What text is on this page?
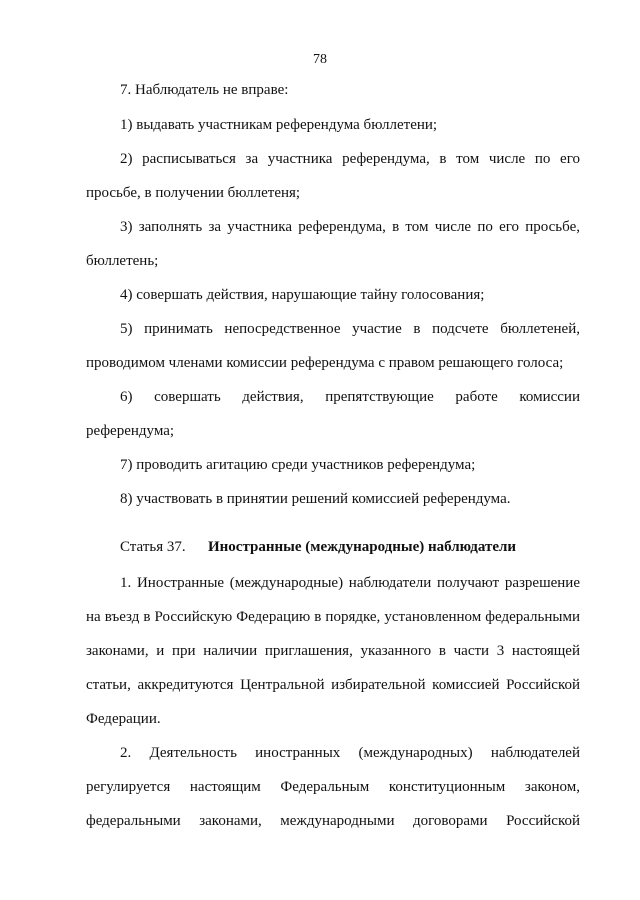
78
7. Наблюдатель не вправе:
1) выдавать участникам референдума бюллетени;
2) расписываться за участника референдума, в том числе по его
просьбе, в получении бюллетеня;
3) заполнять за участника референдума, в том числе по его просьбе,
бюллетень;
4) совершать действия, нарушающие тайну голосования;
5) принимать непосредственное участие в подсчете бюллетеней,
проводимом членами комиссии референдума с правом решающего голоса;
6) совершать действия, препятствующие работе комиссии
референдума;
7) проводить агитацию среди участников референдума;
8) участвовать в принятии решений комиссией референдума.
Статья 37. Иностранные (международные) наблюдатели
1. Иностранные (международные) наблюдатели получают разрешение
на въезд в Российскую Федерацию в порядке, установленном федеральными
законами, и при наличии приглашения, указанного в части 3 настоящей
статьи, аккредитуются Центральной избирательной комиссией Российской
Федерации.
2. Деятельность иностранных (международных) наблюдателей
регулируется настоящим Федеральным конституционным законом,
федеральными законами, международными договорами Российской
